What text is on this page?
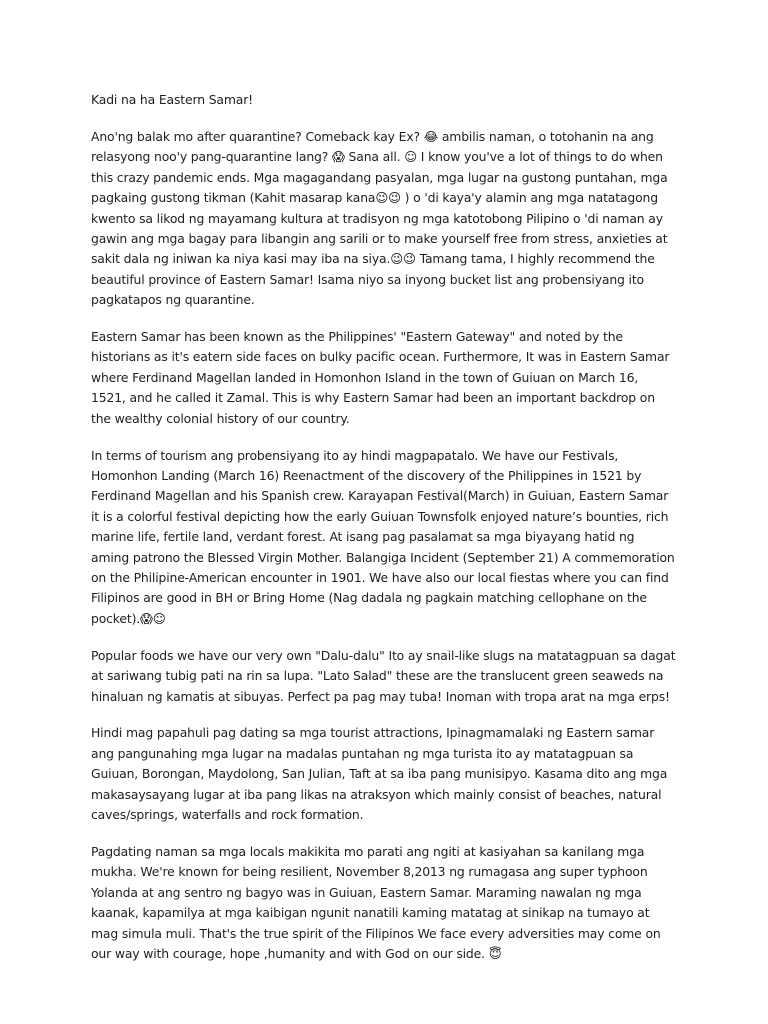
Kadi na ha Eastern Samar!

Ano'ng balak mo after quarantine? Comeback kay Ex? 😂 ambilis naman, o totohanin na ang relasyong noo'y pang-quarantine lang? 😱 Sana all. ☺ I know you've a lot of things to do when this crazy pandemic ends. Mga magagandang pasyalan, mga lugar na gustong puntahan, mga pagkaing gustong tikman (Kahit masarap kana😉😉 ) o 'di kaya'y alamin ang mga natatagong kwento sa likod ng mayamang kultura at tradisyon ng mga katotobong Pilipino o 'di naman ay gawin ang mga bagay para libangin ang sarili or to make yourself free from stress, anxieties at sakit dala ng iniwan ka niya kasi may iba na siya.😉😉 Tamang tama, I highly recommend the beautiful province of Eastern Samar! Isama niyo sa inyong bucket list ang probensiyang ito pagkatapos ng quarantine.

Eastern Samar has been known as the Philippines' "Eastern Gateway" and noted by the historians as it's eatern side faces on bulky pacific ocean. Furthermore, It was in Eastern Samar where Ferdinand Magellan landed in Homonhon Island in the town of Guiuan on March 16, 1521, and he called it Zamal. This is why Eastern Samar had been an important backdrop on the wealthy colonial history of our country.

In terms of tourism ang probensiyang ito ay hindi magpapatalo. We have our Festivals, Homonhon Landing (March 16) Reenactment of the discovery of the Philippines in 1521 by Ferdinand Magellan and his Spanish crew. Karayapan Festival(March) in Guiuan, Eastern Samar it is a colorful festival depicting how the early Guiuan Townsfolk enjoyed nature’s bounties, rich marine life, fertile land, verdant forest. At isang pag pasalamat sa mga biyayang hatid ng aming patrono the Blessed Virgin Mother. Balangiga Incident (September 21) A commemoration on the Philipine-American encounter in 1901. We have also our local fiestas where you can find Filipinos are good in BH or Bring Home (Nag dadala ng pagkain matching cellophane on the pocket).😱☺

Popular foods we have our very own "Dalu-dalu" Ito ay snail-like slugs na matatagpuan sa dagat at sariwang tubig pati na rin sa lupa. "Lato Salad" these are the translucent green seaweds na hinaluan ng kamatis at sibuyas. Perfect pa pag may tuba! Inoman with tropa arat na mga erps!

Hindi mag papahuli pag dating sa mga tourist attractions, Ipinagmamalaki ng Eastern samar ang pangunahing mga lugar na madalas puntahan ng mga turista ito ay matatagpuan sa Guiuan, Borongan, Maydolong, San Julian, Taft at sa iba pang munisipyo. Kasama dito ang mga makasaysayang lugar at iba pang likas na atraksyon which mainly consist of beaches, natural caves/springs, waterfalls and rock formation.

Pagdating naman sa mga locals makikita mo parati ang ngiti at kasiyahan sa kanilang mga mukha. We're known for being resilient, November 8,2013 ng rumagasa ang super typhoon Yolanda at ang sentro ng bagyo was in Guiuan, Eastern Samar. Maraming nawalan ng mga kaanak, kapamilya at mga kaibigan ngunit nanatili kaming matatag at sinikap na tumayo at mag simula muli. That's the true spirit of the Filipinos We face every adversities may come on our way with courage, hope ,humanity and with God on our side. 😇
